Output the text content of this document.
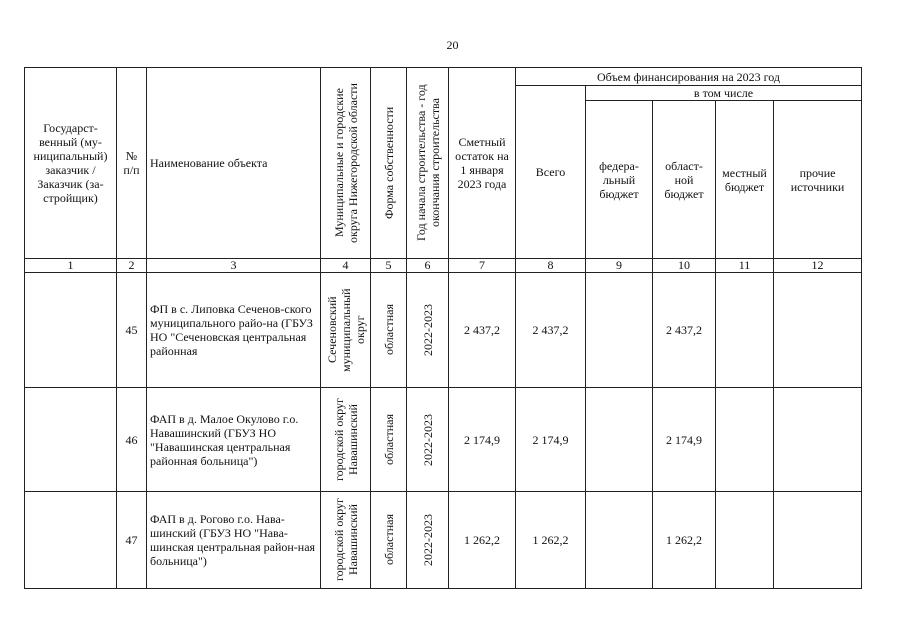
20
Государст-венный (му-ниципальный) заказчик / Заказчик (за-стройщик)	№ п/п	Наименование объекта	Муниципальные и городские округа Нижегородской области	Форма собственности	Год начала строительства - год окончания строительства	Сметный остаток на 1 января 2023 года	Объем финансирования на 2023 год				
							Всего	в том числе			
								федера-льный бюджет	област-ной бюджет	местный бюджет	прочие источники
1	2	3	4	5	6	7	8	9	10	11	12
	45	ФП в с. Липовка Сеченов-ского муниципального райо-на (ГБУЗ НО "Сеченовская центральная районная	Сеченовский муниципальный округ	областная	2022-2023	2 437,2	2 437,2		2 437,2		
	46	ФАП в д. Малое Окулово г.о. Навашинский (ГБУЗ НО "Навашинская центральная районная больница")	городской округ Навашинский	областная	2022-2023	2 174,9	2 174,9		2 174,9		
	47	ФАП в д. Рогово г.о. Нава-шинский (ГБУЗ НО "Нава-шинская центральная район-ная больница")	городской округ Навашинский	областная	2022-2023	1 262,2	1 262,2		1 262,2		
